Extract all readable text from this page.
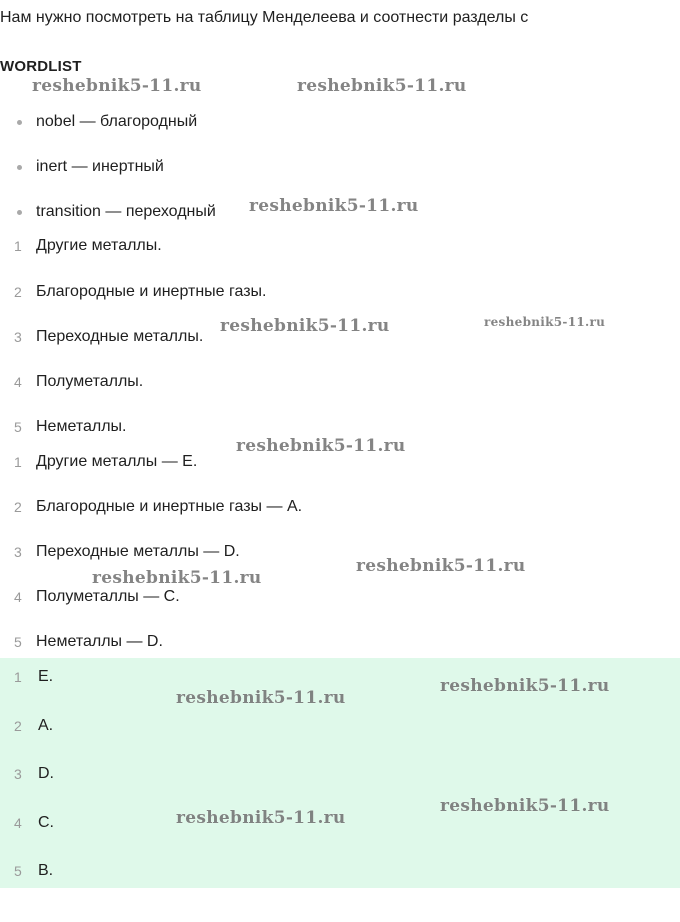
Нам нужно посмотреть на таблицу Менделеева и соотнести разделы с
WORDLIST
nobel — благородный
inert — инертный
transition — переходный
1 Другие металлы.
2 Благородные и инертные газы.
3 Переходные металлы.
4 Полуметаллы.
5 Неметаллы.
1 Другие металлы — E.
2 Благородные и инертные газы — A.
3 Переходные металлы — D.
4 Полуметаллы — C.
5 Неметаллы — D.
1	E.
2	A.
3	D.
4	C.
5	B.
reshebnik5-11.ru	reshebnik5-11.ru
reshebnik5-11.ru
reshebnik5-11.ru	reshebnik5-11.ru
reshebnik5-11.ru
reshebnik5-11.ru
reshebnik5-11.ru
reshebnik5-11.ru
reshebnik5-11.ru
reshebnik5-11.ru
reshebnik5-11.ru
